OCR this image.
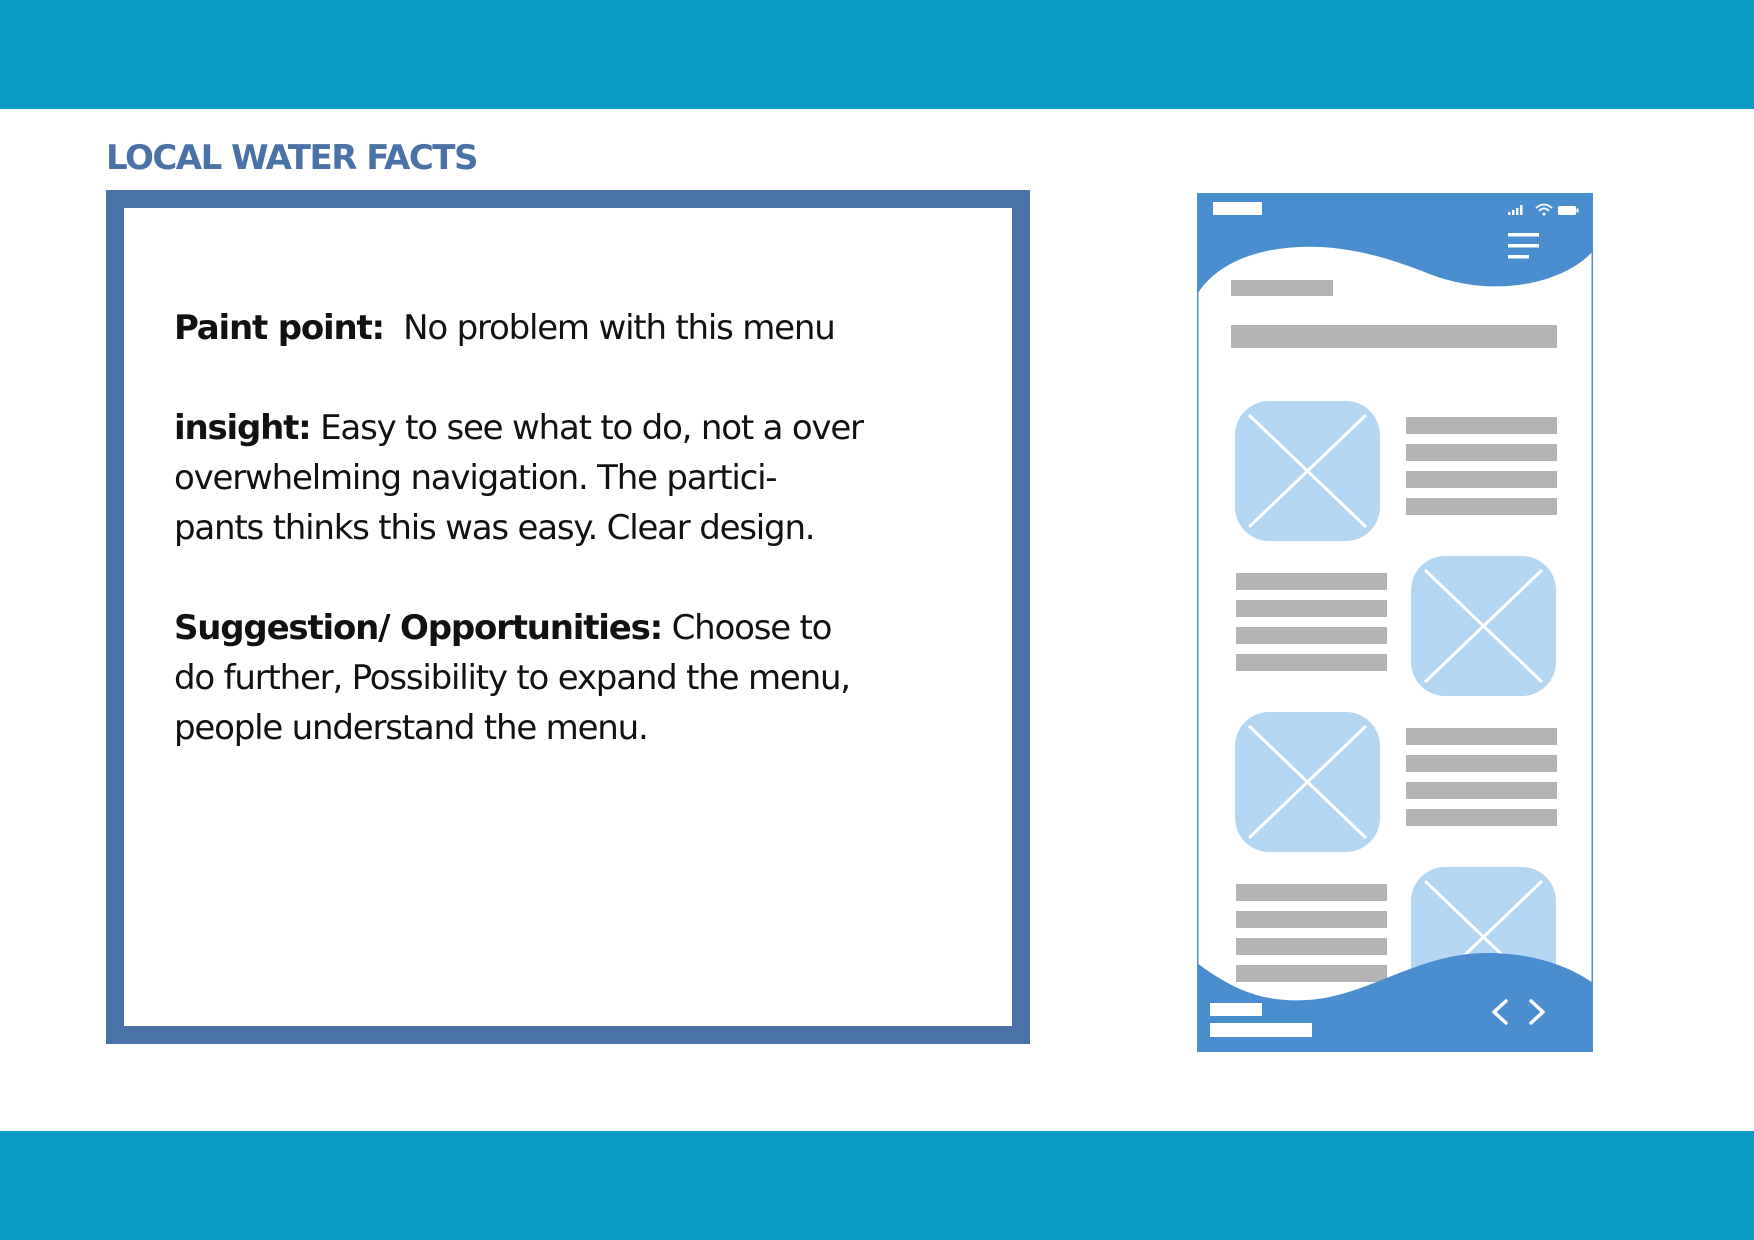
LOCAL WATER FACTS

Paint point: No problem with this menu

insight: Easy to see what to do, not a over
overwhelming navigation. The partici-
pants thinks this was easy. Clear design.

Suggestion/ Opportunities: Choose to
do further, Possibility to expand the menu,
people understand the menu.
